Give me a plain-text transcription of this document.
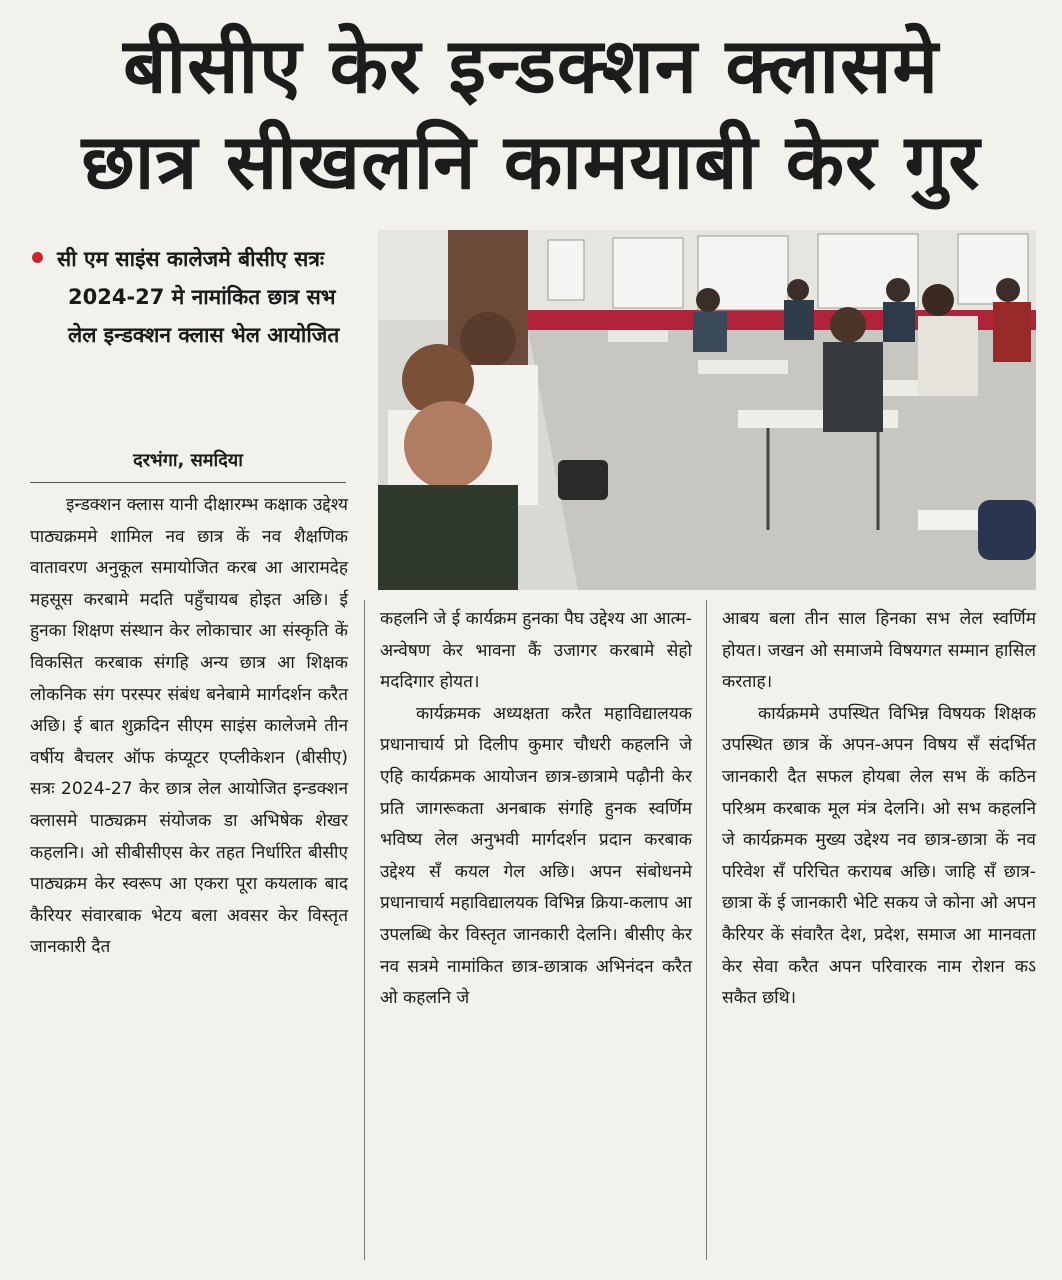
बीसीए केर इन्डक्शन क्लासमे
छात्र सीखलनि कामयाबी केर गुर
सी एम साइंस कालेजमे बीसीए सत्रः 2024-27 मे नामांकित छात्र सभ लेल इन्डक्शन क्लास भेल आयोजित
दरभंगा, समदिया

इन्डक्शन क्लास यानी दीक्षारम्भ कक्षाक उद्देश्य पाठ्यक्रममे शामिल नव छात्र कें नव शैक्षणिक वातावरण अनुकूल समायोजित करब आ आरामदेह महसूस करबामे मदति पहुँचायब होइत अछि। ई हुनका शिक्षण संस्थान केर लोकाचार आ संस्कृति कें विकसित करबाक संगहि अन्य छात्र आ शिक्षक लोकनिक संग परस्पर संबंध बनेबामे मार्गदर्शन करैत अछि। ई बात शुक्रदिन सीएम साइंस कालेजमे तीन वर्षीय बैचलर ऑफ कंप्यूटर एप्लीकेशन (बीसीए) सत्रः 2024-27 केर छात्र लेल आयोजित इन्डक्शन क्लासमे पाठ्यक्रम संयोजक डा अभिषेक शेखर कहलनि। ओ सीबीसीएस केर तहत निर्धारित बीसीए पाठ्यक्रम केर स्वरूप आ एकरा पूरा कयलाक बाद कैरियर संवारबाक भेटय बला अवसर केर विस्तृत जानकारी दैत

कहलनि जे ई कार्यक्रम हुनका पैघ उद्देश्य आ आत्म-अन्वेषण केर भावना कैं उजागर करबामे सेहो मददिगार होयत।

कार्यक्रमक अध्यक्षता करैत महाविद्यालयक प्रधानाचार्य प्रो दिलीप कुमार चौधरी कहलनि जे एहि कार्यक्रमक आयोजन छात्र-छात्रामे पढ़ौनी केर प्रति जागरूकता अनबाक संगहि हुनक स्वर्णिम भविष्य लेल अनुभवी मार्गदर्शन प्रदान करबाक उद्देश्य सँ कयल गेल अछि। अपन संबोधनमे प्रधानाचार्य महाविद्यालयक विभिन्न क्रिया-कलाप आ उपलब्धि केर विस्तृत जानकारी देलनि। बीसीए केर नव सत्रमे नामांकित छात्र-छात्राक अभिनंदन करैत ओ कहलनि जे

आबय बला तीन साल हिनका सभ लेल स्वर्णिम होयत। जखन ओ समाजमे विषयगत सम्मान हासिल करताह।

कार्यक्रममे उपस्थित विभिन्न विषयक शिक्षक उपस्थित छात्र कें अपन-अपन विषय सँ संदर्भित जानकारी दैत सफल होयबा लेल सभ कें कठिन परिश्रम करबाक मूल मंत्र देलनि। ओ सभ कहलनि जे कार्यक्रमक मुख्य उद्देश्य नव छात्र-छात्रा कें नव परिवेश सँ परिचित करायब अछि। जाहि सँ छात्र-छात्रा कें ई जानकारी भेटि सकय जे कोना ओ अपन कैरियर कें संवारैत देश, प्रदेश, समाज आ मानवता केर सेवा करैत अपन परिवारक नाम रोशन कऽ सकैत छथि।
